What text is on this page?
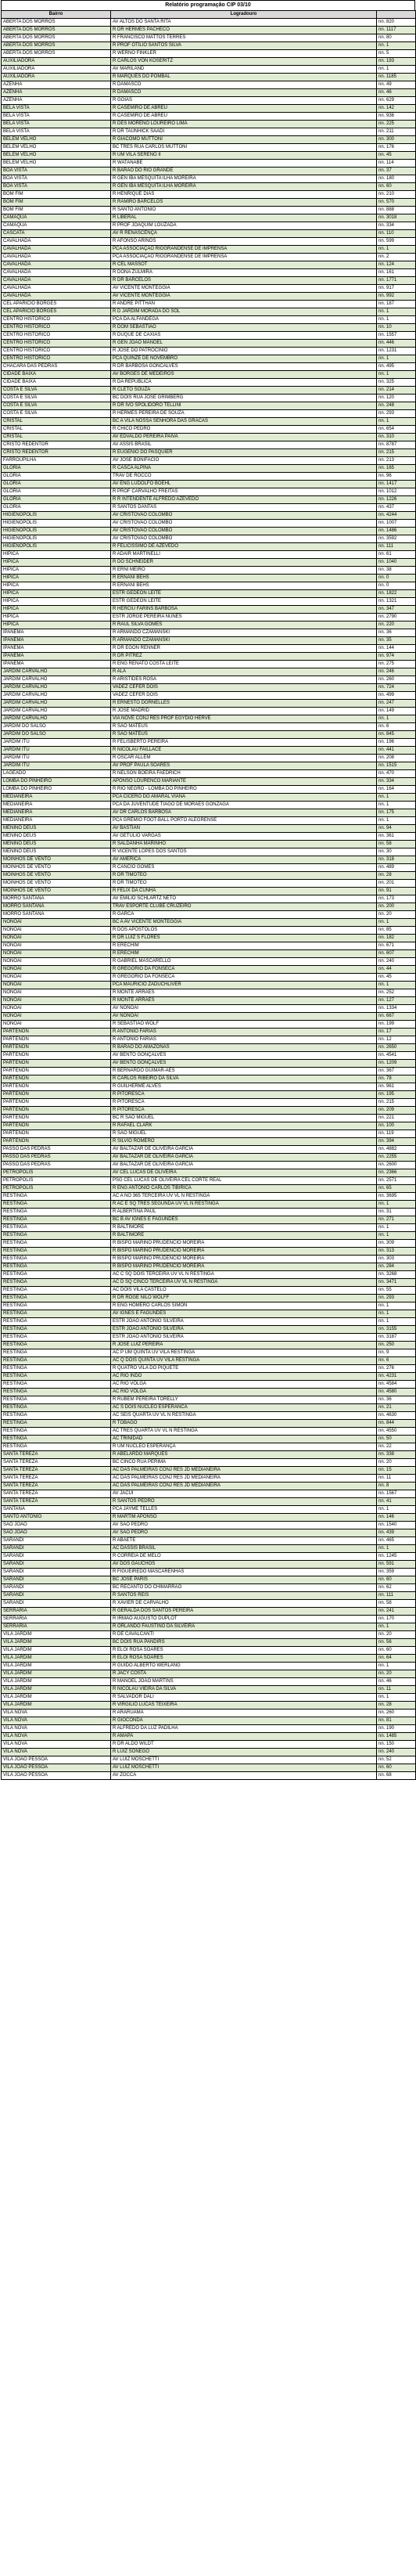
Relatório programação CIP 03/10
Bairro	Logradouro	
ABERTA DOS MORROS	AV ALTOS DO SANTA RITA	nn. 820
ABERTA DOS MORROS	R DR HERMES PACHECO	nn. 1117
ABERTA DOS MORROS	R FRANCISCO MATTOS TERRES	nn. 80
ABERTA DOS MORROS	R PROF OTÍLIO SANTOS SILVA	nn. 1
ABERTA DOS MORROS	R WERNO FINKLER	nn. 5
AUXILIADORA	R CARLOS VON KOSERITZ	nn. 193
AUXILIADORA	AV MARILAND	nn. 1
AUXILIADORA	R MARQUES DO POMBAL	nn. 1185
AZENHA	R DAMASCO	nn. 49
AZENHA	R DAMASCO	nn. 46
AZENHA	R GOIAS	nn. 629
BELA VISTA	R CASEMIRO DE ABREU	nn. 142
BELA VISTA	R CASEMIRO DE ABREU	nn. 936
BELA VISTA	R DES MORENO LOUREIRO LIMA	nn. 225
BELA VISTA	R DR TAUNHICK SAADI	nn. 211
BELEM VELHO	R GIACOMO MUTTONI	nn. 300
BELEM VELHO	BC TRES RUA CARLOS MUTTONI	nn. 176
BELEM VELHO	R UM VILA SERENO II	nn. 45
BELEM VELHO	R WATANABE	nn. 114
BOA VISTA	R BARAO DO RIO GRANDE	nn. 37
BOA VISTA	R GEN IBA MESQUITA ILHA MOREIRA	nn. 180
BOA VISTA	R GEN IBA MESQUITA ILHA MOREIRA	nn. 60
BOM FIM	R HENRIQUE DIAS	nn. 210
BOM FIM	R RAMIRO BARCELOS	nn. 570
BOM FIM	R SANTO ANTONIO	nn. 888
CAMAQUA	R LIBERAL	nn. 3018
CAMAQUA	R PROF JOAQUIM LOUZADA	nn. 334
CASCATA	AV R RENASCENÇA	nn. 110
CAVALHADA	R AFONSO ARINOS	nn. 599
CAVALHADA	PCA ASSOCIAÇÃO RIOGRANDENSE DE IMPRENSA	nn. 1
CAVALHADA	PCA ASSOCIAÇÃO RIOGRANDENSE DE IMPRENSA	nn. 2
CAVALHADA	R CEL MASSOT	nn. 124
CAVALHADA	R DONA ZULMIRA	nn. 161
CAVALHADA	R DR BARCELOS	nn. 1771
CAVALHADA	AV VICENTE MONTEGGIA	nn. 917
CAVALHADA	AV VICENTE MONTEGGIA	nn. 992
CEL APARICIO BORGES	R ANDRE PITTHAN	nn. 187
CEL APARICIO BORGES	R D JARDIM MORADA DO SOL	nn. 1
CENTRO HISTORICO	PCA DA ALFANDEGA	nn. 1
CENTRO HISTORICO	R DOM SEBASTIAO	nn. 10
CENTRO HISTORICO	R DUQUE DE CAXIAS	nn. 1557
CENTRO HISTORICO	R GEN JOAO MANOEL	nn. 446
CENTRO HISTORICO	R JOSE DO PATROCINIO	nn. 1231
CENTRO HISTORICO	PCA QUINZE DE NOVEMBRO	nn. 1
CHACARA DAS PEDRAS	R DR BARBOSA GONCALVES	nn. 495
CIDADE BAIXA	AV BORGES DE MEDEIROS	nn. 1
CIDADE BAIXA	R DA REPUBLICA	nn. 325
COSTA E SILVA	R CLETO SOUZA	nn. 214
COSTA E SILVA	BC DOIS RUA JOSE GRIMBERG	nn. 120
COSTA E SILVA	R DR IVO SPOLIDORO TELLINI	nn. 248
COSTA E SILVA	R HERMES PEREIRA DE SOUZA	nn. 293
CRISTAL	BC A VILA NOSSA SENHORA DAS GRACAS	nn. 1
CRISTAL	R CHICO PEDRO	nn. 654
CRISTAL	AV EDVALDO PEREIRA PAIVA	nn. 310
CRISTO REDENTOR	AV ASSIS BRASIL	nn. 8787
CRISTO REDENTOR	R EUGENIO DO PASQUIER	nn. 215
FARROUPILHA	AV JOSE BONIFACIO	nn. 213
GLORIA	R CASCA ALPINA	nn. 165
GLORIA	TRAV DE ROCCO	nn. 96
GLORIA	AV ENG LUDOLFO BOEHL	nn. 1417
GLORIA	R PROF CARVALHO FREITAS	nn. 1012
GLORIA	R R INTENDENTE ALFREDO AZEVEDO	nn. 1226
GLORIA	R SANTOS DANTAS	nn. 437
HIGIENOPOLIS	AV CRISTOVAO COLOMBO	nn. 4244
HIGIENOPOLIS	AV CRISTOVAO COLOMBO	nn. 1007
HIGIENOPOLIS	AV CRISTOVAO COLOMBO	nn. 1486
HIGIENOPOLIS	AV CRISTOVAO COLOMBO	nn. 3592
HIGIENOPOLIS	R FELICISSIMO DE AZEVEDO	nn. 111
HIPICA	R ADAIR MARTINELLI	nn. 61
HIPICA	R DO SCHNEIDER	nn. 1040
HIPICA	R ERNI MEIRO	nn. 38
HIPICA	R ERNANI BEHS	nn. 0
HIPICA	R ERNANI BEHS	nn. 0
HIPICA	ESTR GEDEON LEITE	nn. 1822
HIPICA	ESTR GEDEON LEITE	nn. 1321
HIPICA	R HERCIU FARINS BARBOSA	nn. 347
HIPICA	ESTR JORGE PEREIRA NUNES	nn. 2790
HIPICA	R RAUL SILVA GOMES	nn. 220
IPANEMA	R ARMANDO CZAMANSKI	nn. 36
IPANEMA	R ARMANDO CZAMANSKI	nn. 35
IPANEMA	R DR EGON RENNER	nn. 144
IPANEMA	R DR PITREZ	nn. 974
IPANEMA	R ENG RENATO COSTA LEITE	nn. 275
JARDIM CARVALHO	R ALA	nn. 246
JARDIM CARVALHO	R ARISTIDES ROSA	nn. 260
JARDIM CARVALHO	VADEZ CEFER DOIS	nn. 724
JARDIM CARVALHO	VADEZ CEFER DOIS	nn. 499
JARDIM CARVALHO	R ERNESTO DORNELLES	nn. 247
JARDIM CARVALHO	R JOSE MADRID	nn. 149
JARDIM CARVALHO	VIA NOVE CONJ RES PROF EGYDIO HERVE	nn. 1
JARDIM DO SALSO	R SAO MATEUS	nn. 6
JARDIM DO SALSO	R SAO MATEUS	nn. 845
JARDIM ITU	R FELISBERTO PEREIRA	nn. 196
JARDIM ITU	R NICOLAU FAILLACE	nn. 441
JARDIM ITU	R OSCAR ALLEM	nn. 208
JARDIM ITU	AV PROF PAULA SOARES	nn. 1515
LAGEADO	R NELSON BOEIRA FAEDRICH	nn. 470
LOMBA DO PINHEIRO	APONSO LOURENCO MARIANTE	nn. 334
LOMBA DO PINHEIRO	R RIO NEGRO - LOMBA DO PINHEIRO	nn. 164
MEDIANEIRA	PCA CICERO DO AMARAL VIANA	nn. 1
MEDIANEIRA	PCA DA JUVENTUDE TIAGO DE MORAES GONZAGA	nn. 1
MEDIANEIRA	AV DR CARLOS BARBOSA	nn. 175
MEDIANEIRA	PCA GRÊMIO FOOT-BALL PORTO ALEGRENSE	nn. 1
MENINO DEUS	AV BASTIAN	nn. 94
MENINO DEUS	AV GETULIO VARGAS	nn. 361
MENINO DEUS	R SALDANHA MARINHO	nn. 58
MENINO DEUS	R VICENTE LOPES DOS SANTOS	nn. 30
MOINHOS DE VENTO	AV AMERICA	nn. 318
MOINHOS DE VENTO	R CANCIO GOMES	nn. 489
MOINHOS DE VENTO	R DR TIMOTEO	nn. 28
MOINHOS DE VENTO	R DR TIMOTEO	nn. 201
MOINHOS DE VENTO	R FELIX DA CUNHA	nn. 91
MORRO SANTANA	AV EMILIO SCHLARTZ NETO	nn. 173
MORRO SANTANA	TRAV ESPORTE CLUBE CRUZEIRO	nn. 200
MORRO SANTANA	R GARCA	nn. 20
NONOAI	BC A AV VICENTE MONTEGGIA	nn. 1
NONOAI	R DOS APOSTOLOS	nn. 85
NONOAI	R DR LUIZ S FLORES	nn. 182
NONOAI	R ERECHIM	nn. 671
NONOAI	R ERECHIM	nn. 607
NONOAI	R GABRIEL MASCARELLO	nn. 240
NONOAI	R GREGORIO DA FONSECA	nn. 44
NONOAI	R GREGORIO DA FONSECA	nn. 45
NONOAI	PCA MAURICIO ZADUCHLIVER	nn. 1
NONOAI	R MONTE ARRAES	nn. 252
NONOAI	R MONTE ARRAES	nn. 127
NONOAI	AV NONOAI	nn. 1334
NONOAI	AV NONOAI	nn. 667
NONOAI	R SEBASTIAO WOLF	nn. 199
PARTENON	R ANTONIO FARIAS	nn. 17
PARTENON	R ANTONIO FARIAS	nn. 12
PARTENON	R BARAO DO AMAZONAS	nn. 2650
PARTENON	AV BENTO GONÇALVES	nn. 4541
PARTENON	AV BENTO GONÇALVES	nn. 1209
PARTENON	R BERNARDO GUIMAR-ÃES	nn. 367
PARTENON	R CARLOS RIBEIRO DA SILVA	nn. 78
PARTENON	R GUILHERME ALVES	nn. 961
PARTENON	R PITORESCA	nn. 195
PARTENON	R PITORESCA	nn. 215
PARTENON	R PITORESCA	nn. 209
PARTENON	BC R SAO MIGUEL	nn. 221
PARTENON	R RAFAEL CLARK	nn. 100
PARTENON	R SAO MIGUEL	nn. 119
PARTENON	R SILVIO ROMERO	nn. 394
PASSO DAS PEDRAS	AV BALTAZAR DE OLIVEIRA GARCIA	nn. 4882
PASSO DAS PEDRAS	AV BALTAZAR DE OLIVEIRA GARCIA	nn. 2255
PASSO DAS PEDRAS	AV BALTAZAR DE OLIVEIRA GARCIA	nn. 2600
PETROPOLIS	AV CEL LUCAS DE OLIVEIRA	nn. 2366
PETROPOLIS	PSG CEL LUCAS DE OLIVEIRA CEL CORTE REAL	nn. 2571
PETROPOLIS	R ENG ANTONIO CARLOS TIBIRICA	nn. 65
RESTINGA	AC A NO 365 TERCEIRA UV VL N RESTINGA	nn. 3695
RESTINGA	R AC E SQ TRES SEGUNDA UV VL N RESTINGA	nn. 1
RESTINGA	R ALBERTINA PAUL	nn. 31
RESTINGA	BC B AV IGNES E FAGUNDES	nn. 271
RESTINGA	R BALTIMORE	nn. 1
RESTINGA	R BALTIMORE	nn. 1
RESTINGA	R BISPO MARINO PRUDENCIO MOREIRA	nn. 309
RESTINGA	R BISPO MARINO PRUDENCIO MOREIRA	nn. 313
RESTINGA	R BISPO MARINO PRUDENCIO MOREIRA	nn. 303
RESTINGA	R BISPO MARINO PRUDENCIO MOREIRA	nn. 284
RESTINGA	AC C SQ DOIS TERCEIRA UV VL N RESTINGA	nn. 3268
RESTINGA	AC D SQ CINCO TERCEIRA UV VL N RESTINGA	nn. 3471
RESTINGA	AC DOIS VILA CASTELO	nn. 55
RESTINGA	R DR ROGE NILO WOLFF	nn. 293
RESTINGA	R ENG HOMERO CARLOS SIMON	nn. 1
RESTINGA	AV IGNES E FAGUNDES	nn. 1
RESTINGA	ESTR JOAO ANTONIO SILVEIRA	nn. 1
RESTINGA	ESTR JOAO ANTONIO SILVEIRA	nn. 3155
RESTINGA	ESTR JOAO ANTONIO SILVEIRA	nn. 3187
RESTINGA	R JOSE LUIZ PEREIRA	nn. 250
RESTINGA	AC P UM QUINTA UV VILA RESTINGA	nn. 9
RESTINGA	AC Q DOIS QUINTA UV VILA RESTINGA	nn. 6
RESTINGA	R QUATRO VILA DO PIQUETE	nn. 276
RESTINGA	AC RIO INDO	nn. 4231
RESTINGA	AC RIO VOLGA	nn. 4584
RESTINGA	AC RIO VOLGA	nn. 4580
RESTINGA	R RUBEM PEREIRA TORELLY	nn. 36
RESTINGA	AC S DOIS NUCLEO ESPERANCA	nn. 21
RESTINGA	AC SEIS QUARTA UV VL N RESTINGA	nn. 4630
RESTINGA	R TOBAGO	nn. 844
RESTINGA	AC TRES QUARTA UV VL N RESTINGA	nn. 4550
RESTINGA	AC TRINIDAD	nn. 50
RESTINGA	R UM NUCLEO ESPERANÇA	nn. 22
SANTA TEREZA	R ABELARDO MARQUES	nn. 338
SANTA TEREZA	BC CINCO RUA PERIMA	nn. 20
SANTA TEREZA	AC DAS PALMEIRAS CONJ RES JD MEDIANEIRA	nn. 15
SANTA TEREZA	AC DAS PALMEIRAS CONJ RES JD MEDIANEIRA	nn. 11
SANTA TEREZA	AC DAS PALMEIRAS CONJ RES JD MEDIANEIRA	nn. 8
SANTA TEREZA	AV JACUI	nn. 1567
SANTA TEREZA	R SANTOS PEDRO	nn. 41
SANTANA	PCA JAYME TELLES	nn. 1
SANTO ANTONIO	R MARTIM APONSO	nn. 146
SAO JOAO	AV SAO PEDRO	nn. 1540
SAO JOAO	AV SAO PEDRO	nn. 439
SARANDI	R ABAETE	nn. 465
SARANDI	AC DASSIS BRASIL	nn. 1
SARANDI	R CORREIA DE MELO	nn. 1245
SARANDI	AV DOS GAUCHOS	nn. 591
SARANDI	R FIGUEIREDO MASCARENHAS	nn. 359
SARANDI	BC JOSE PARIS	nn. 60
SARANDI	BC RECANTO DO CHIMARRAO	nn. 62
SARANDI	R SANTOS REIS	nn. 111
SARANDI	R XAVIER DE CARVALHO	nn. 58
SERRARIA	R GERALDA DOS SANTOS PEREIRA	nn. 241
SERRARIA	R IRMÃO AUGUSTO DUPLOT	nn. 170
SERRARIA	R ORLANDO FAUSTINO DA SILVEIRA	nn. 1
VILA JARDIM	R DE CAVALCANTI	nn. 20
VILA JARDIM	BC DOIS RUA PANDIRS	nn. 56
VILA JARDIM	R ELOI ROSA SOARES	nn. 60
VILA JARDIM	R ELOI ROSA SOARES	nn. 64
VILA JARDIM	R GUIDO ALBERTO WERLANG	nn. 1
VILA JARDIM	R JACY COSTA	nn. 20
VILA JARDIM	R MANOEL JOAO MARTINS	nn. 46
VILA JARDIM	R NICOLAU VIEIRA DA SILVA	nn. 11
VILA JARDIM	R SALVADOR DALI	nn. 1
VILA JARDIM	R VIRGILIO LUCAS TEIXEIRA	nn. 28
VILA NOVA	R ARARUAMA	nn. 260
VILA NOVA	R GIOCONDA	nn. 81
VILA NOVA	R ALFREDO DA LUZ PADILHA	nn. 190
VILA NOVA	R AMAPA	nn. 1485
VILA NOVA	R DR ALDO WILDT	nn. 150
VILA NOVA	R LUIZ SONEGO	nn. 240
VILA JOAO PESSOA	AV LUIZ MOSCHETTI	nn. 52
VILA JOAO PESSOA	AV LUIZ MOSCHETTI	nn. 60
VILA JOAO PESSOA	AV ZOCCA	nn. 68
